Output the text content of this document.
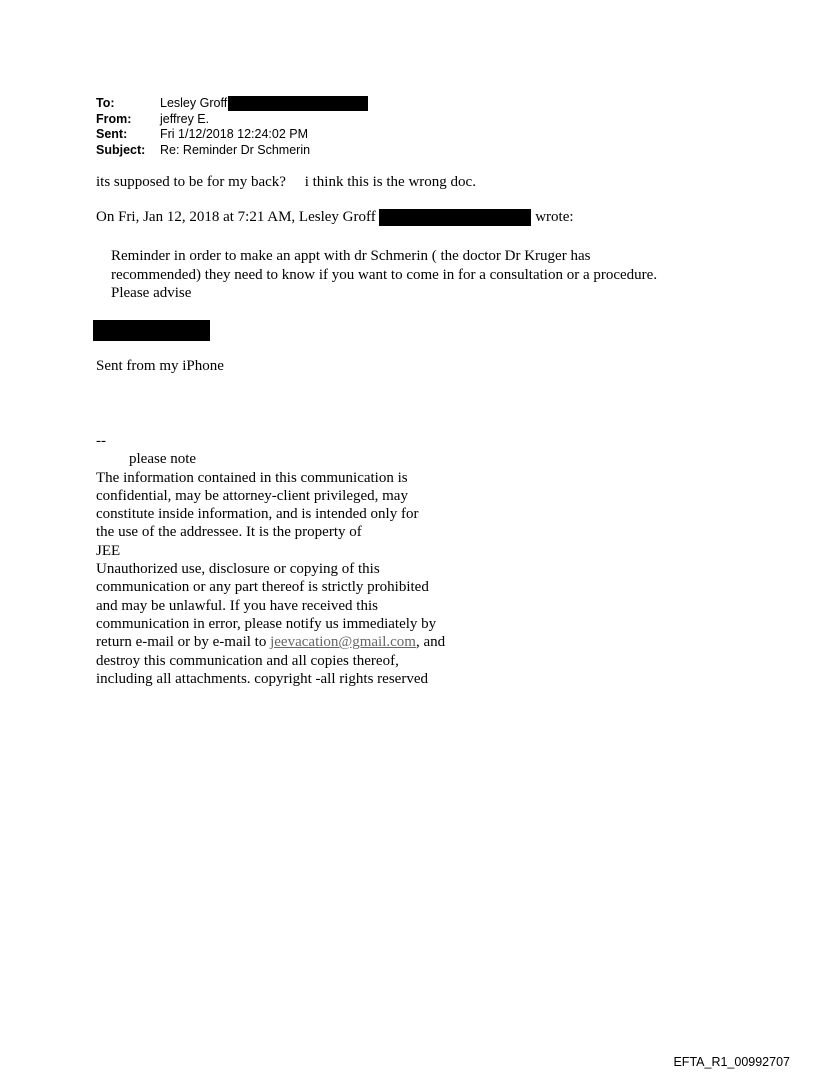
To:	Lesley Groff
From:	jeffrey E.
Sent:	Fri 1/12/2018 12:24:02 PM
Subject:	Re: Reminder Dr Schmerin
its supposed to be for my back?     i think this is the wrong doc.
On Fri, Jan 12, 2018 at 7:21 AM, Lesley Groff	wrote:
Reminder in order to make an appt with dr Schmerin ( the doctor Dr Kruger has
recommended) they need to know if you want to come in for a consultation or a procedure.
Please advise
Sent from my iPhone
--
please note
The information contained in this communication is
confidential, may be attorney-client privileged, may
constitute inside information, and is intended only for
the use of the addressee. It is the property of
JEE
Unauthorized use, disclosure or copying of this
communication or any part thereof is strictly prohibited
and may be unlawful. If you have received this
communication in error, please notify us immediately by
return e-mail or by e-mail to jeevacation@gmail.com, and
destroy this communication and all copies thereof,
including all attachments. copyright -all rights reserved
EFTA_R1_00992707
